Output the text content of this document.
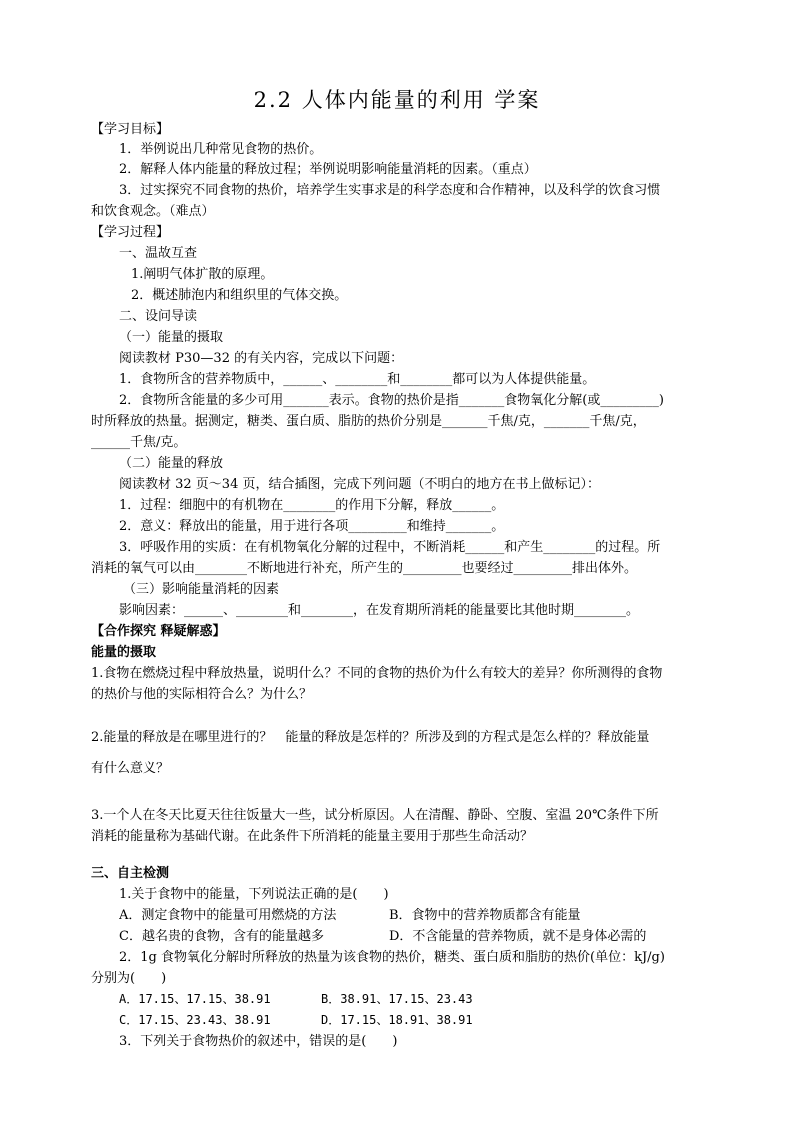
2.2 人体内能量的利用 学案
【学习目标】
1．举例说出几种常见食物的热价。
2．解释人体内能量的释放过程；举例说明影响能量消耗的因素。（重点）
3．过实探究不同食物的热价，培养学生实事求是的科学态度和合作精神，以及科学的饮食习惯
和饮食观念。（难点）
【学习过程】
一、温故互查
1.阐明气体扩散的原理。
2．概述肺泡内和组织里的气体交换。
二、设问导读
（一）能量的摄取
阅读教材 P30—32 的有关内容，完成以下问题：
1．食物所含的营养物质中，______、________和________都可以为人体提供能量。
2．食物所含能量的多少可用_______表示。食物的热价是指_______食物氧化分解(或_________)
时所释放的热量。据测定，糖类、蛋白质、脂肪的热价分别是_______千焦/克，_______千焦/克，
______千焦/克。
（二）能量的释放
阅读教材 32 页～34 页，结合插图，完成下列问题（不明白的地方在书上做标记）：
1．过程：细胞中的有机物在________的作用下分解，释放______。
2．意义：释放出的能量，用于进行各项_________和维持_______。
3．呼吸作用的实质：在有机物氧化分解的过程中，不断消耗______和产生________的过程。所
消耗的氧气可以由________不断地进行补充，所产生的_________也要经过_________排出体外。
（三）影响能量消耗的因素
影响因素：______、________和________，在发育期所消耗的能量要比其他时期________。
【合作探究 释疑解惑】
能量的摄取
1.食物在燃烧过程中释放热量，说明什么？不同的食物的热价为什么有较大的差异？你所测得的食物
的热价与他的实际相符合么？为什么？
2.能量的释放是在哪里进行的？　能量的释放是怎样的？所涉及到的方程式是怎么样的？释放能量
有什么意义？
3.一个人在冬天比夏天往往饭量大一些，试分析原因。人在清醒、静卧、空腹、室温 20℃条件下所
消耗的能量称为基础代谢。在此条件下所消耗的能量主要用于那些生命活动？
三、自主检测
1.关于食物中的能量，下列说法正确的是(　　)
A．测定食物中的能量可用燃烧的方法	B．食物中的营养物质都含有能量
C．越名贵的食物，含有的能量越多	D．不含能量的营养物质，就不是身体必需的
2．1g 食物氧化分解时所释放的热量为该食物的热价，糖类、蛋白质和脂肪的热价(单位：kJ/g)
分别为(　　)
A．17.15、17.15、38.91	B．38.91、17.15、23.43
C．17.15、23.43、38.91	D．17.15、18.91、38.91
3．下列关于食物热价的叙述中，错误的是(　　)
